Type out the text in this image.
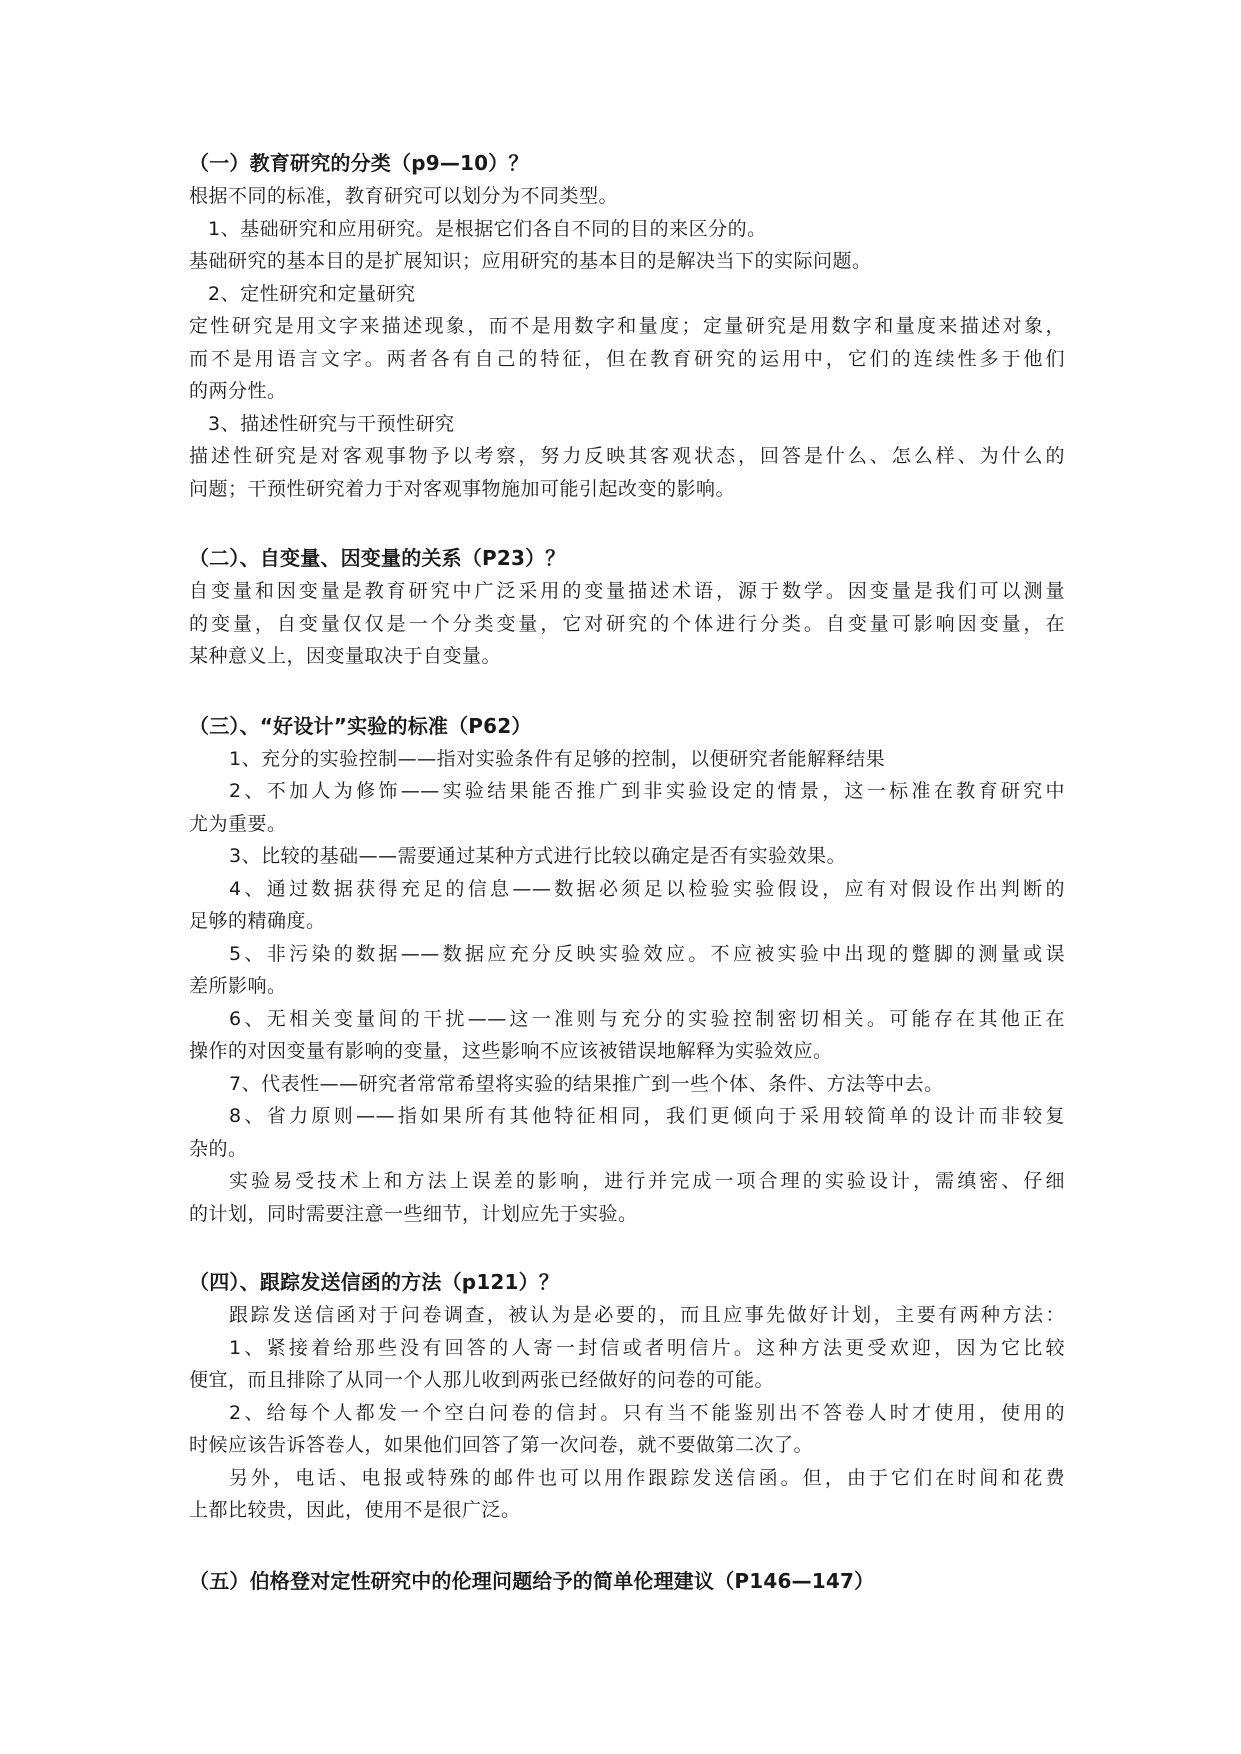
（一）教育研究的分类（p9—10）？
根据不同的标准，教育研究可以划分为不同类型。
1、基础研究和应用研究。是根据它们各自不同的目的来区分的。
基础研究的基本目的是扩展知识；应用研究的基本目的是解决当下的实际问题。
2、定性研究和定量研究
定性研究是用文字来描述现象，而不是用数字和量度；定量研究是用数字和量度来描述对象，
而不是用语言文字。两者各有自己的特征，但在教育研究的运用中，它们的连续性多于他们
的两分性。
3、描述性研究与干预性研究
描述性研究是对客观事物予以考察，努力反映其客观状态，回答是什么、怎么样、为什么的
问题；干预性研究着力于对客观事物施加可能引起改变的影响。
（二）、自变量、因变量的关系（P23）？
自变量和因变量是教育研究中广泛采用的变量描述术语，源于数学。因变量是我们可以测量
的变量，自变量仅仅是一个分类变量，它对研究的个体进行分类。自变量可影响因变量，在
某种意义上，因变量取决于自变量。
（三）、“好设计”实验的标准（P62）
1、充分的实验控制——指对实验条件有足够的控制，以便研究者能解释结果
2、不加人为修饰——实验结果能否推广到非实验设定的情景，这一标准在教育研究中
尤为重要。
3、比较的基础——需要通过某种方式进行比较以确定是否有实验效果。
4、通过数据获得充足的信息——数据必须足以检验实验假设，应有对假设作出判断的
足够的精确度。
5、非污染的数据——数据应充分反映实验效应。不应被实验中出现的蹩脚的测量或误
差所影响。
6、无相关变量间的干扰——这一准则与充分的实验控制密切相关。可能存在其他正在
操作的对因变量有影响的变量，这些影响不应该被错误地解释为实验效应。
7、代表性——研究者常常希望将实验的结果推广到一些个体、条件、方法等中去。
8、省力原则——指如果所有其他特征相同，我们更倾向于采用较简单的设计而非较复
杂的。
实验易受技术上和方法上误差的影响，进行并完成一项合理的实验设计，需缜密、仔细
的计划，同时需要注意一些细节，计划应先于实验。
（四）、跟踪发送信函的方法（p121）？
跟踪发送信函对于问卷调查，被认为是必要的，而且应事先做好计划，主要有两种方法：
1、紧接着给那些没有回答的人寄一封信或者明信片。这种方法更受欢迎，因为它比较
便宜，而且排除了从同一个人那儿收到两张已经做好的问卷的可能。
2、给每个人都发一个空白问卷的信封。只有当不能鉴别出不答卷人时才使用，使用的
时候应该告诉答卷人，如果他们回答了第一次问卷，就不要做第二次了。
另外，电话、电报或特殊的邮件也可以用作跟踪发送信函。但，由于它们在时间和花费
上都比较贵，因此，使用不是很广泛。
（五）伯格登对定性研究中的伦理问题给予的简单伦理建议（P146—147）
